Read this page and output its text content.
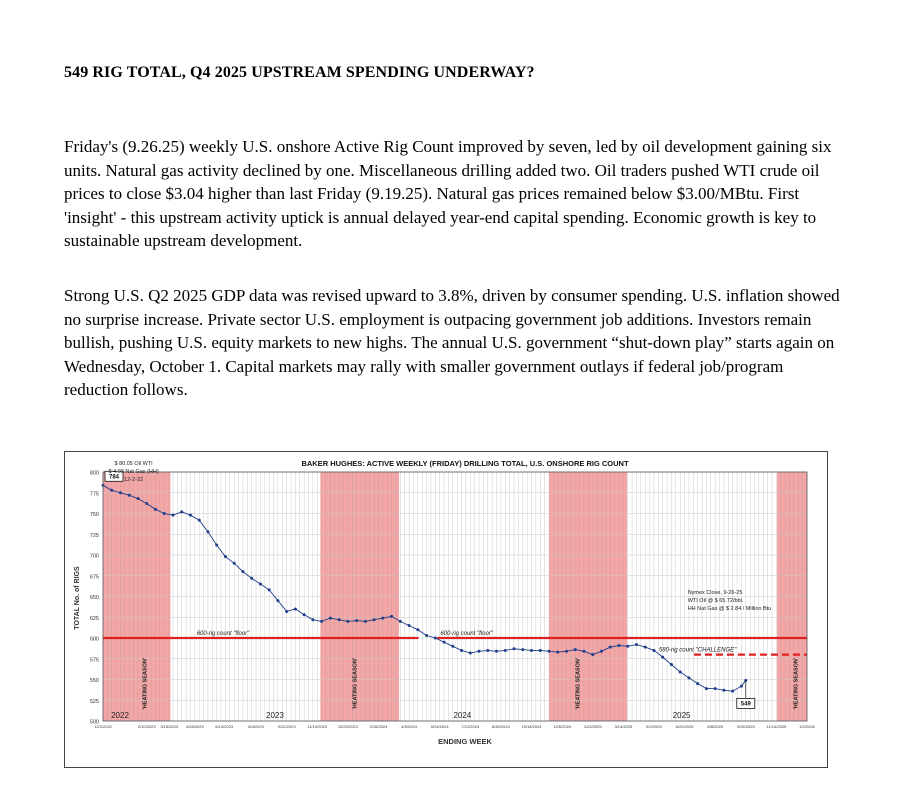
549 RIG TOTAL, Q4 2025 UPSTREAM SPENDING UNDERWAY?
Friday's (9.26.25) weekly U.S. onshore Active Rig Count improved by seven, led by oil development gaining six units. Natural gas activity declined by one. Miscellaneous drilling added two. Oil traders pushed WTI crude oil prices to close $3.04 higher than last Friday (9.19.25). Natural gas prices remained below $3.00/MBtu. First 'insight' - this upstream activity uptick is annual delayed year-end capital spending. Economic growth is key to sustainable upstream development.
Strong U.S. Q2 2025 GDP data was revised upward to 3.8%, driven by consumer spending. U.S. inflation showed no surprise increase. Private sector U.S. employment is outpacing government job additions. Investors remain bullish, pushing U.S. equity markets to new highs. The annual U.S. government “shut-down play” starts again on Wednesday, October 1. Capital markets may rally with smaller government outlays if federal job/program reduction follows.
BAKER HUGHES: ACTIVE WEEKLY (FRIDAY) DRILLING TOTAL, U.S. ONSHORE RIG COUNT
ENDING WEEK
TOTAL No. of RIGS
600-rig count "floor"	600-rig count "floor"
580-rig count "CHALLENGE"
500
525
550
575
600
625
650
675
700
725
750
775
800
12/2/2022	2/10/2023 3/18/2023 4/28/2023	6/14/2023	8/4/2023	9/22/2023	11/10/2023	12/29/2023	2/16/2024	4/5/2024	5/24/2024	7/12/2024	8/30/2024	10/18/2024	12/6/2024	1/24/2025	3/14/2025	5/2/2025	6/20/2025	8/8/2025	9/26/2025	11/14/2025	1/2/2026
'HEATING SEASON'	'HEATING SEASON'	'HEATING SEASON'	'HEATING SEASON'
2022	2023	2024	2025
784
$ 80.05 Oil WTI
$ 4.92 Nat Gas (HH)
12-2-22
549
Nymex Close, 9-26-25
WTI Oil @ $ 65.72/bbl.
HH Nat Gas @ $ 2.84 / Million Btu
